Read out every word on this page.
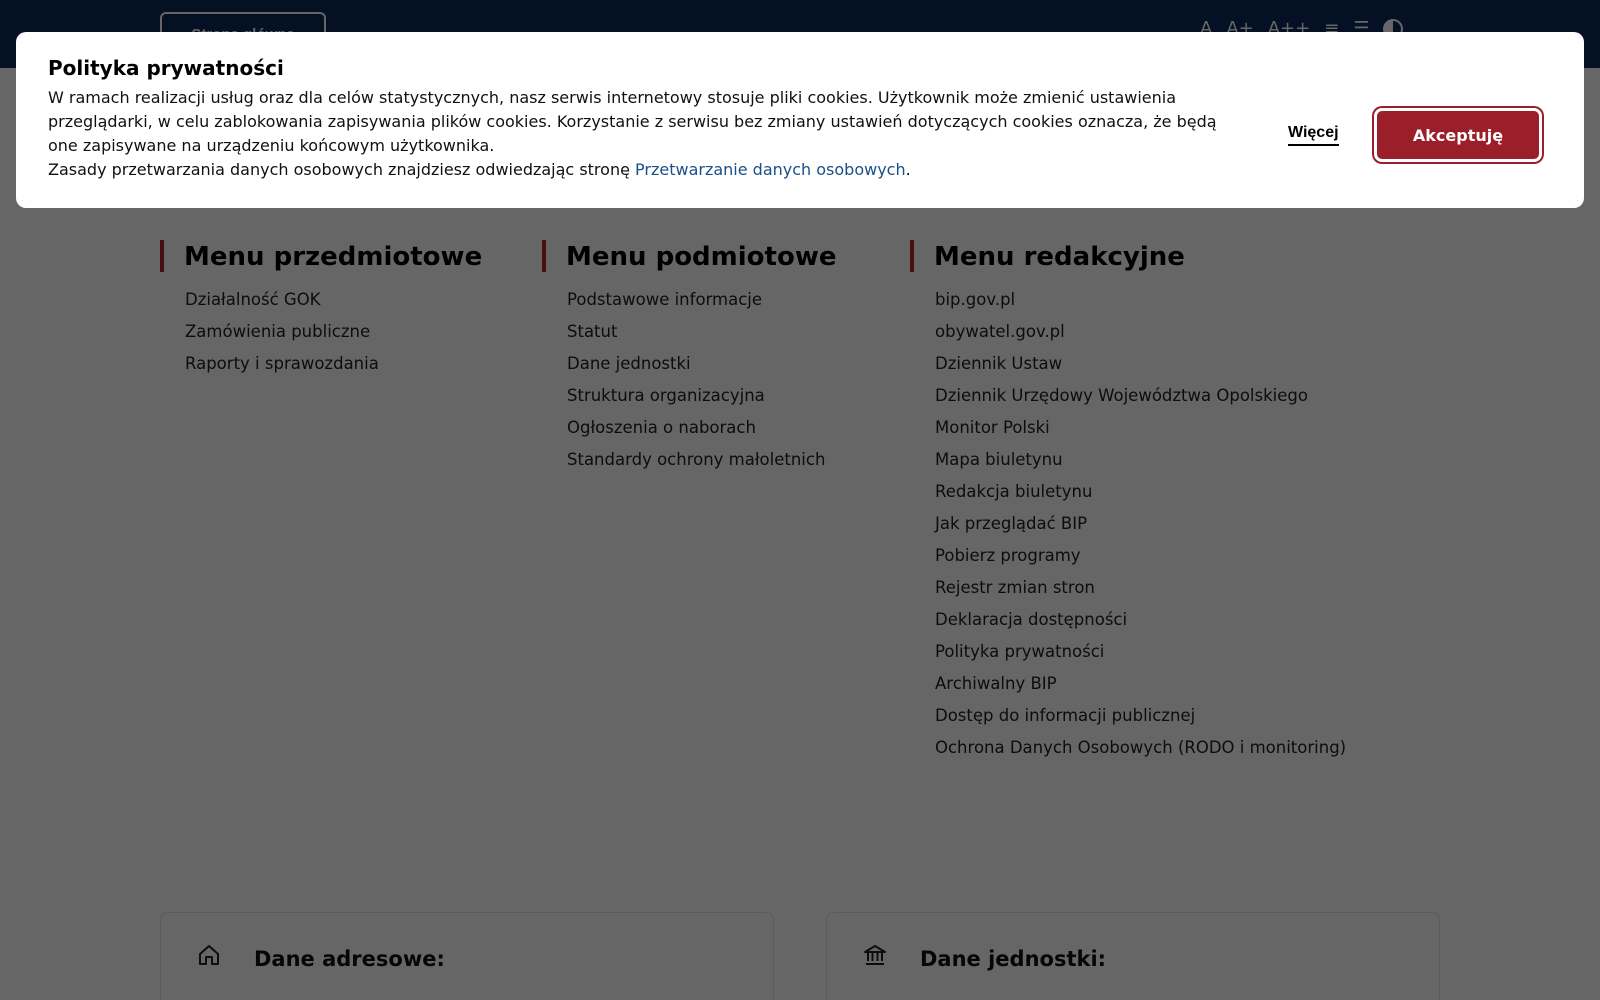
Polityka prywatności
W ramach realizacji usług oraz dla celów statystycznych, nasz serwis internetowy stosuje pliki cookies. Użytkownik może zmienić ustawienia przeglądarki, w celu zablokowania zapisywania plików cookies. Korzystanie z serwisu bez zmiany ustawień dotyczących cookies oznacza, że będą one zapisywane na urządzeniu końcowym użytkownika.
Zasady przetwarzania danych osobowych znajdziesz odwiedzając stronę Przetwarzanie danych osobowych.
Więcej	Akceptuję
